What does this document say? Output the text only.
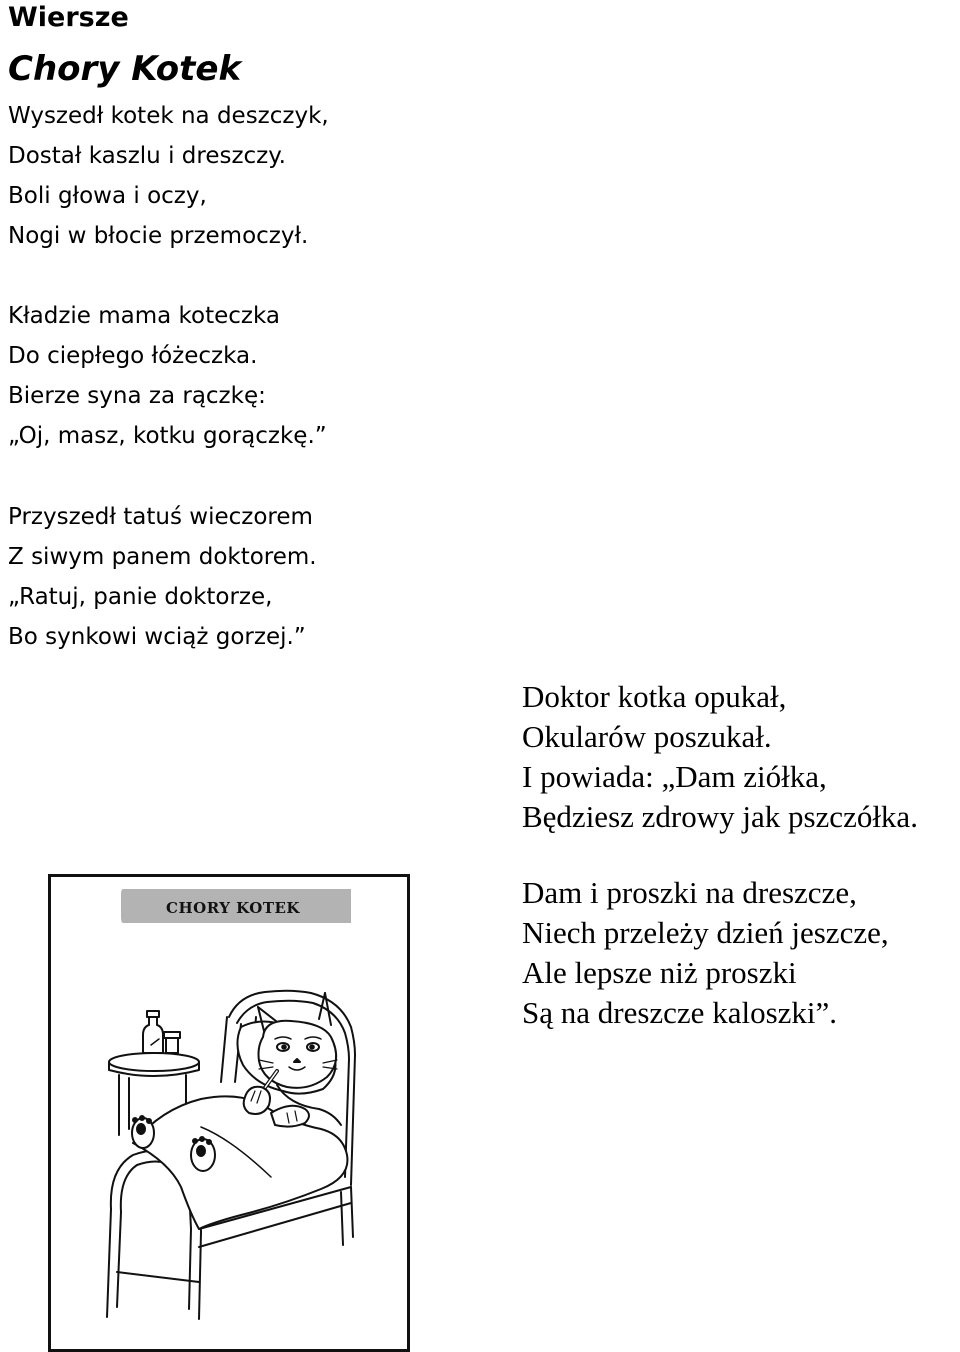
Wiersze
Chory Kotek
Wyszedł kotek na deszczyk,
Dostał kaszlu i dreszczy.
Boli głowa i oczy,
Nogi w błocie przemoczył.
Kładzie mama koteczka
Do ciepłego łóżeczka.
Bierze syna za rączkę:
„Oj, masz, kotku gorączkę.”
Przyszedł tatuś wieczorem
Z siwym panem doktorem.
„Ratuj, panie doktorze,
Bo synkowi wciąż gorzej.”
Doktor kotka opukał,
Okularów poszukał.
I powiada: „Dam ziółka,
Będziesz zdrowy jak pszczółka.
Dam i proszki na dreszcze,
Niech przeleży dzień jeszcze,
Ale lepsze niż proszki
Są na dreszcze kaloszki”.
CHORY KOTEK
